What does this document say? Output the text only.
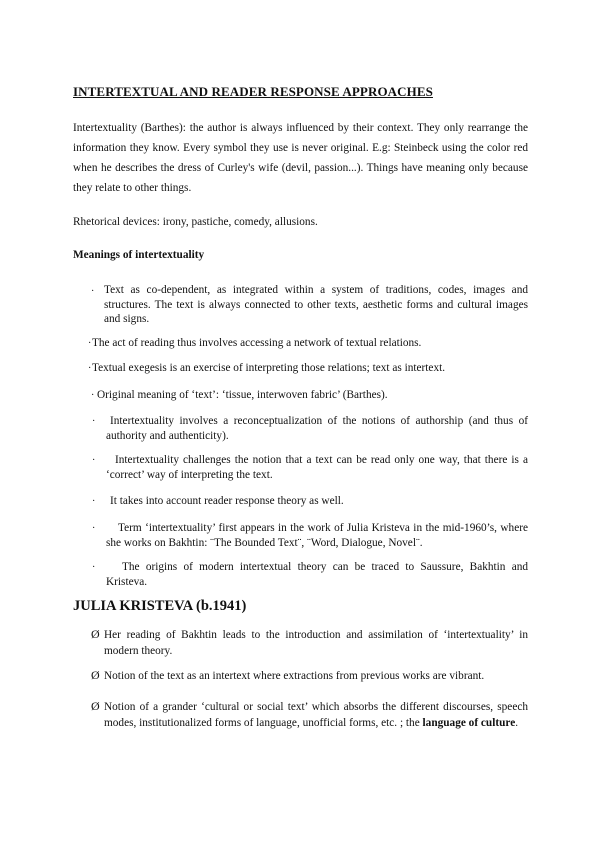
INTERTEXTUAL AND READER RESPONSE APPROACHES
Intertextuality (Barthes): the author is always influenced by their context. They only rearrange the information they know. Every symbol they use is never original. E.g: Steinbeck using the color red when he describes the dress of Curley's wife (devil, passion...). Things have meaning only because they relate to other things.
Rhetorical devices: irony, pastiche, comedy, allusions.
Meanings of intertextuality
· Text as co-dependent, as integrated within a system of traditions, codes, images and structures. The text is always connected to other texts, aesthetic forms and cultural images and signs.
· The act of reading thus involves accessing a network of textual relations.
· Textual exegesis is an exercise of interpreting those relations; text as intertext.
· Original meaning of ‘text’: ‘tissue, interwoven fabric’ (Barthes).
·	Intertextuality involves a reconceptualization of the notions of authorship (and thus of authority and authenticity).
·	Intertextuality challenges the notion that a text can be read only one way, that there is a ‘correct’ way of interpreting the text.
·	It takes into account reader response theory as well.
·	Term ‘intertextuality’ first appears in the work of Julia Kristeva in the mid-1960’s, where she works on Bakhtin: ¨The Bounded Text¨, ¨Word, Dialogue, Novel¨.
·	The origins of modern intertextual theory can be traced to Saussure, Bakhtin and Kristeva.
JULIA KRISTEVA (b.1941)
Ø Her reading of Bakhtin leads to the introduction and assimilation of ‘intertextuality’ in modern theory.
Ø Notion of the text as an intertext where extractions from previous works are vibrant.
Ø Notion of a grander ‘cultural or social text’ which absorbs the different discourses, speech modes, institutionalized forms of language, unofficial forms, etc. ; the language of culture.
